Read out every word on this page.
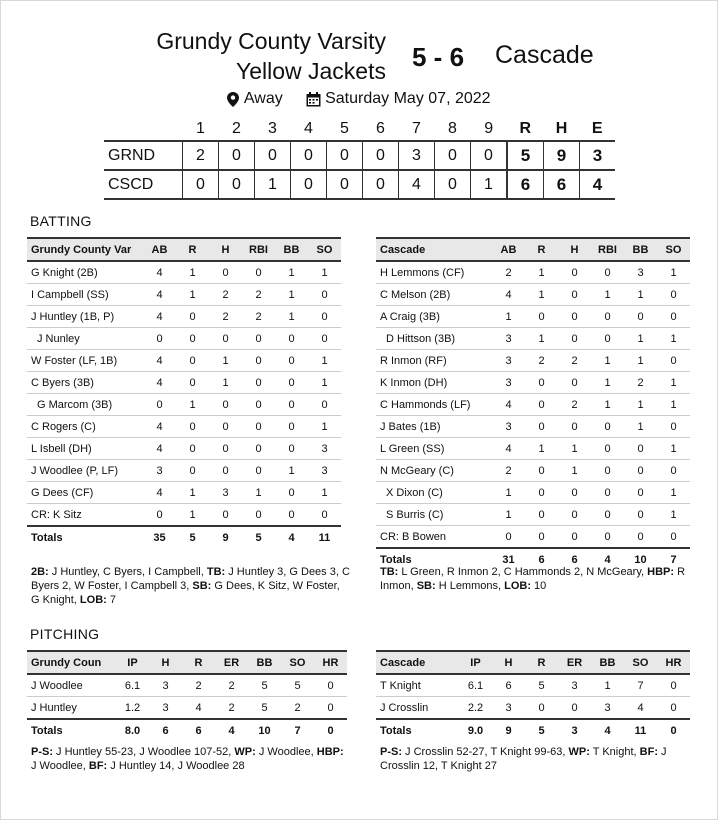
Grundy County Varsity
Yellow Jackets 5 - 6 Cascade
Away	Saturday May 07, 2022
	1	2	3	4	5	6	7	8	9	R	H	E
GRND	2	0	0	0	0	0	3	0	0	5	9	3
CSCD	0	0	1	0	0	0	4	0	1	6	6	4
BATTING
Grundy County Var	AB	R	H	RBI	BB	SO
G Knight (2B)	4	1	0	0	1	1
I Campbell (SS)	4	1	2	2	1	0
J Huntley (1B, P)	4	0	2	2	1	0
J Nunley	0	0	0	0	0	0
W Foster (LF, 1B)	4	0	1	0	0	1
C Byers (3B)	4	0	1	0	0	1
G Marcom (3B)	0	1	0	0	0	0
C Rogers (C)	4	0	0	0	0	1
L Isbell (DH)	4	0	0	0	0	3
J Woodlee (P, LF)	3	0	0	0	1	3
G Dees (CF)	4	1	3	1	0	1
CR: K Sitz	0	1	0	0	0	0
Totals	35	5	9	5	4	11
Cascade	AB	R	H	RBI	BB	SO
H Lemmons (CF)	2	1	0	0	3	1
C Melson (2B)	4	1	0	1	1	0
A Craig (3B)	1	0	0	0	0	0
D Hittson (3B)	3	1	0	0	1	1
R Inmon (RF)	3	2	2	1	1	0
K Inmon (DH)	3	0	0	1	2	1
C Hammonds (LF)	4	0	2	1	1	1
J Bates (1B)	3	0	0	0	1	0
L Green (SS)	4	1	1	0	0	1
N McGeary (C)	2	0	1	0	0	0
X Dixon (C)	1	0	0	0	0	1
S Burris (C)	1	0	0	0	0	1
CR: B Bowen	0	0	0	0	0	0
Totals	31	6	6	4	10	7
2B: J Huntley, C Byers, I Campbell, TB: J Huntley 3, G Dees 3, C Byers 2, W Foster, I Campbell 3, SB: G Dees, K Sitz, W Foster, G Knight, LOB: 7
TB: L Green, R Inmon 2, C Hammonds 2, N McGeary, HBP: R Inmon, SB: H Lemmons, LOB: 10
PITCHING
Grundy Coun	IP	H	R	ER	BB	SO	HR
J Woodlee	6.1	3	2	2	5	5	0
J Huntley	1.2	3	4	2	5	2	0
Totals	8.0	6	6	4	10	7	0
Cascade	IP	H	R	ER	BB	SO	HR
T Knight	6.1	6	5	3	1	7	0
J Crosslin	2.2	3	0	0	3	4	0
Totals	9.0	9	5	3	4	11	0
P-S: J Huntley 55-23, J Woodlee 107-52, WP: J Woodlee, HBP: J Woodlee, BF: J Huntley 14, J Woodlee 28
P-S: J Crosslin 52-27, T Knight 99-63, WP: T Knight, BF: J Crosslin 12, T Knight 27
